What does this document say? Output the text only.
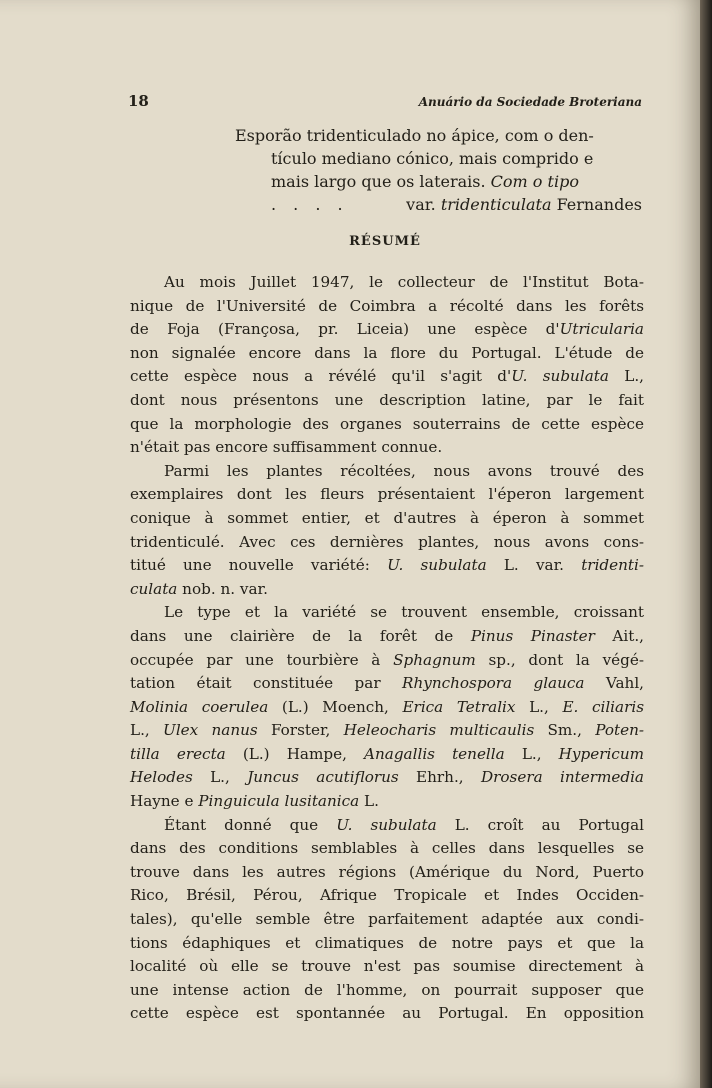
18	Anuário da Sociedade Broteriana
Esporão tridenticulado no ápice, com o den-
tículo mediano cónico, mais comprido e
mais largo que os laterais. Com o tipo
. . . .	var. tridenticulata Fernandes
RÉSUMÉ
Au mois Juillet 1947, le collecteur de l'Institut Bota-
nique de l'Université de Coimbra a récolté dans les forêts
de Foja (Françosa, pr. Liceia) une espèce d'Utricularia
non signalée encore dans la flore du Portugal. L'étude de
cette espèce nous a révélé qu'il s'agit d'U. subulata L.,
dont nous présentons une description latine, par le fait
que la morphologie des organes souterrains de cette espèce
n'était pas encore suffisamment connue.
Parmi les plantes récoltées, nous avons trouvé des
exemplaires dont les fleurs présentaient l'éperon largement
conique à sommet entier, et d'autres à éperon à sommet
tridenticulé. Avec ces dernières plantes, nous avons cons-
titué une nouvelle variété: U. subulata L. var. tridenti-
culata nob. n. var.
Le type et la variété se trouvent ensemble, croissant
dans une clairière de la forêt de Pinus Pinaster Ait.,
occupée par une tourbière à Sphagnum sp., dont la végé-
tation était constituée par Rhynchospora glauca Vahl,
Molinia coerulea (L.) Moench, Erica Tetralix L., E. ciliaris
L., Ulex nanus Forster, Heleocharis multicaulis Sm., Poten-
tilla erecta (L.) Hampe, Anagallis tenella L., Hypericum
Helodes L., Juncus acutiflorus Ehrh., Drosera intermedia
Hayne e Pinguicula lusitanica L.
Étant donné que U. subulata L. croît au Portugal
dans des conditions semblables à celles dans lesquelles se
trouve dans les autres régions (Amérique du Nord, Puerto
Rico, Brésil, Pérou, Afrique Tropicale et Indes Occiden-
tales), qu'elle semble être parfaitement adaptée aux condi-
tions édaphiques et climatiques de notre pays et que la
localité où elle se trouve n'est pas soumise directement à
une intense action de l'homme, on pourrait supposer que
cette espèce est spontannée au Portugal. En opposition
